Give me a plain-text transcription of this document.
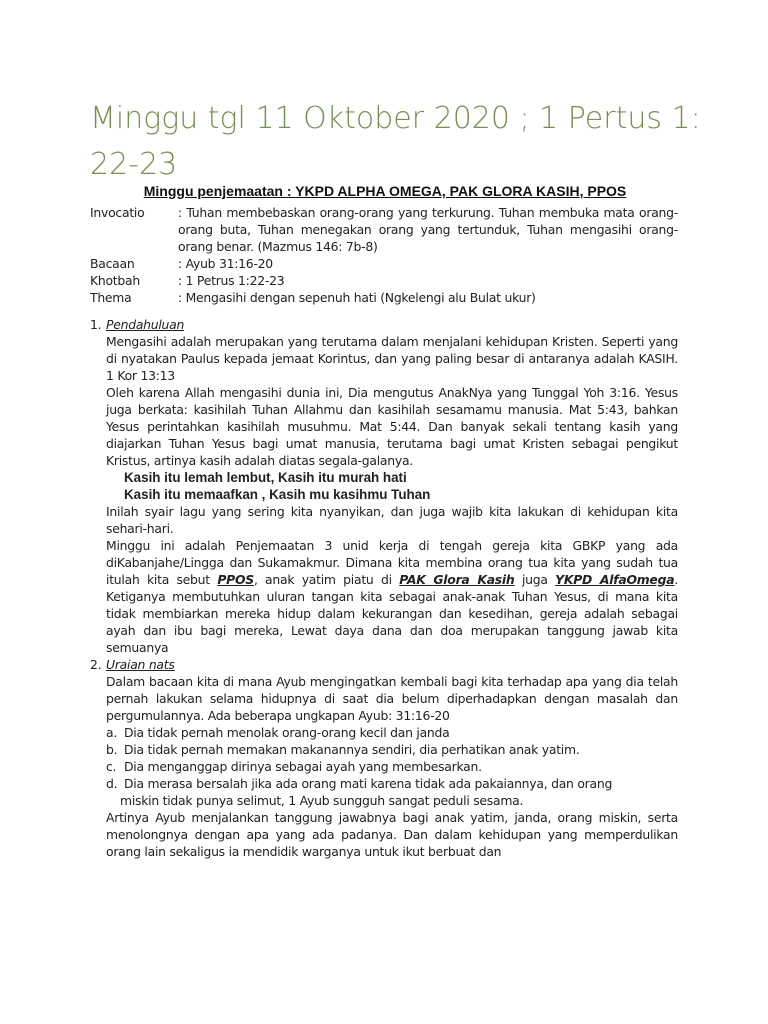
Minggu tgl 11 Oktober 2020 ; 1 Pertus 1: 22-23

Minggu penjemaatan : YKPD ALPHA OMEGA, PAK GLORA KASIH, PPOS

Invocatio	: Tuhan membebaskan orang-orang yang terkurung. Tuhan membuka mata orang-orang buta, Tuhan menegakan orang yang tertunduk, Tuhan mengasihi orang-orang benar. (Mazmus 146: 7b-8)
Bacaan	: Ayub 31:16-20
Khotbah	: 1 Petrus 1:22-23
Thema	: Mengasihi dengan sepenuh hati (Ngkelengi alu Bulat ukur)
1. Pendahuluan
Mengasihi adalah merupakan yang terutama dalam menjalani kehidupan Kristen. Seperti yang di nyatakan Paulus kepada jemaat Korintus, dan yang paling besar di antaranya adalah KASIH. 1 Kor 13:13
Oleh karena Allah mengasihi dunia ini, Dia mengutus AnakNya yang Tunggal Yoh 3:16. Yesus juga berkata: kasihilah Tuhan Allahmu dan kasihilah sesamamu manusia. Mat 5:43, bahkan Yesus perintahkan kasihilah musuhmu. Mat 5:44. Dan banyak sekali tentang kasih yang diajarkan Tuhan Yesus bagi umat manusia, terutama bagi umat Kristen sebagai pengikut Kristus, artinya kasih adalah diatas segala-galanya.
Kasih itu lemah lembut, Kasih itu murah hati
Kasih itu memaafkan , Kasih mu kasihmu Tuhan
Inilah syair lagu yang sering kita nyanyikan, dan juga wajib kita lakukan di kehidupan kita sehari-hari.
Minggu ini adalah Penjemaatan 3 unid kerja di tengah gereja kita GBKP yang ada diKabanjahe/Lingga dan Sukamakmur. Dimana kita membina orang tua kita yang sudah tua itulah kita sebut PPOS, anak yatim piatu di PAK Glora Kasih juga YKPD AlfaOmega. Ketiganya membutuhkan uluran tangan kita sebagai anak-anak Tuhan Yesus, di mana kita tidak membiarkan mereka hidup dalam kekurangan dan kesedihan, gereja adalah sebagai ayah dan ibu bagi mereka, Lewat daya dana dan doa merupakan tanggung jawab kita semuanya
2. Uraian nats
Dalam bacaan kita di mana Ayub mengingatkan kembali bagi kita terhadap apa yang dia telah pernah lakukan selama hidupnya di saat dia belum diperhadapkan dengan masalah dan pergumulannya. Ada beberapa ungkapan Ayub: 31:16-20
a. Dia tidak pernah menolak orang-orang kecil dan janda
b. Dia tidak pernah memakan makanannya sendiri, dia perhatikan anak yatim.
c. Dia menganggap dirinya sebagai ayah yang membesarkan.
d. Dia merasa bersalah jika ada orang mati karena tidak ada pakaiannya, dan orang
miskin tidak punya selimut, 1 Ayub sungguh sangat peduli sesama.
Artinya Ayub menjalankan tanggung jawabnya bagi anak yatim, janda, orang miskin, serta menolongnya dengan apa yang ada padanya. Dan dalam kehidupan yang memperdulikan orang lain sekaligus ia mendidik warganya untuk ikut berbuat dan
